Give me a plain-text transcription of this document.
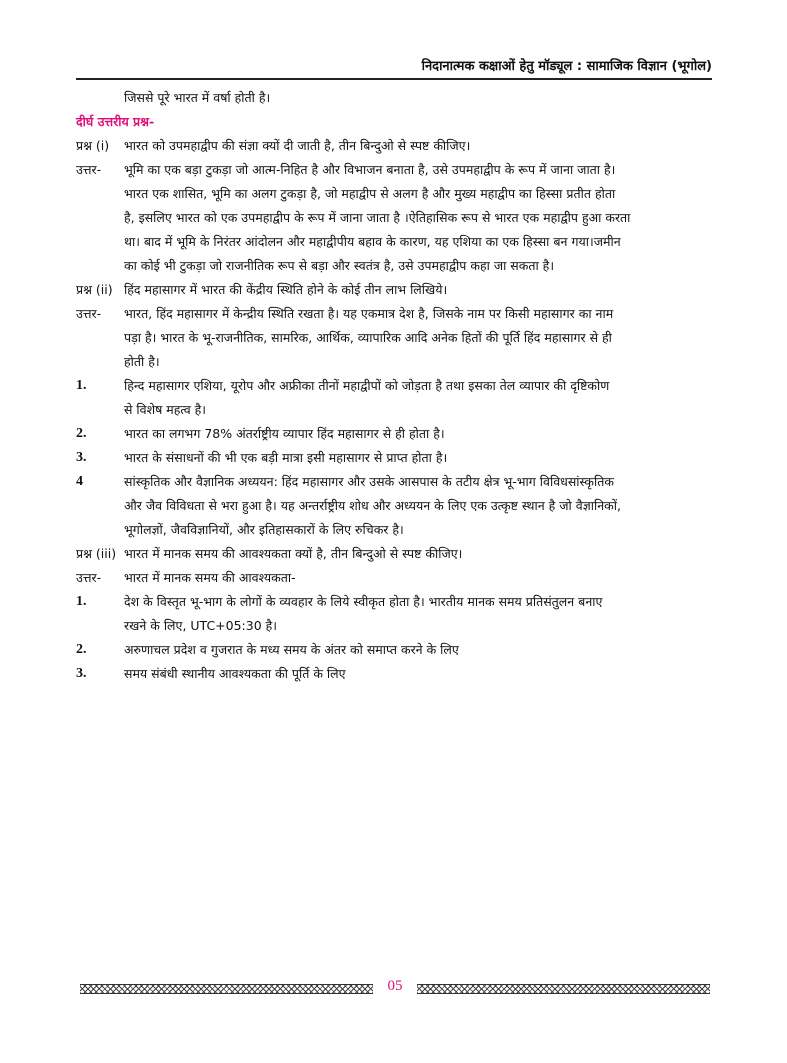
निदानात्मक कक्षाओं हेतु मॉड्यूल : सामाजिक विज्ञान (भूगोल)
जिससे पूरे भारत में वर्षा होती है।
दीर्घ उत्तरीय प्रश्न-
प्रश्न (i)	भारत को उपमहाद्वीप की संज्ञा क्यों दी जाती है, तीन बिन्दुओ से स्पष्ट कीजिए।
उत्तर-	भूमि का एक बड़ा टुकड़ा जो आत्म-निहित है और विभाजन बनाता है, उसे उपमहाद्वीप के रूप में जाना जाता है।
भारत एक शासित, भूमि का अलग टुकड़ा है, जो महाद्वीप से अलग है और मुख्य महाद्वीप का हिस्सा प्रतीत होता
है, इसलिए भारत को एक उपमहाद्वीप के रूप में जाना जाता है ।ऐतिहासिक रूप से भारत एक महाद्वीप हुआ करता
था। बाद में भूमि के निरंतर आंदोलन और महाद्वीपीय बहाव के कारण, यह एशिया का एक हिस्सा बन गया।जमीन
का कोई भी टुकड़ा जो राजनीतिक रूप से बड़ा और स्वतंत्र है, उसे उपमहाद्वीप कहा जा सकता है।
प्रश्न (ii) हिंद महासागर में भारत की केंद्रीय स्थिति होने के कोई तीन लाभ लिखिये।
उत्तर-	भारत, हिंद महासागर में केन्द्रीय स्थिति रखता है। यह एकमात्र देश है, जिसके नाम पर किसी महासागर का नाम
पड़ा है। भारत के भू-राजनीतिक, सामरिक, आर्थिक, व्यापारिक आदि अनेक हितों की पूर्ति हिंद महासागर से ही
होती है।
1.	हिन्द महासागर एशिया, यूरोप और अफ्रीका तीनों महाद्वीपों को जोड़ता है तथा इसका तेल व्यापार की दृष्टिकोण
से विशेष महत्व है।
2.	भारत का लगभग 78% अंतर्राष्ट्रीय व्यापार हिंद महासागर से ही होता है।
3.	भारत के संसाधनों की भी एक बड़ी मात्रा इसी महासागर से प्राप्त होता है।
4	सांस्कृतिक और वैज्ञानिक अध्ययन: हिंद महासागर और उसके आसपास के तटीय क्षेत्र भू-भाग विविधसांस्कृतिक
और जैव विविधता से भरा हुआ है। यह अन्तर्राष्ट्रीय शोध और अध्ययन के लिए एक उत्कृष्ट स्थान है जो वैज्ञानिकों,
भूगोलज्ञों, जैवविज्ञानियों, और इतिहासकारों के लिए रुचिकर है।
प्रश्न (iii) भारत में मानक समय की आवश्यकता क्यों है, तीन बिन्दुओ से स्पष्ट कीजिए।
उत्तर-	भारत में मानक समय की आवश्यकता-
1.	देश के विस्तृत भू-भाग के लोगों के व्यवहार के लिये स्वीकृत होता है। भारतीय मानक समय प्रतिसंतुलन बनाए
रखने के लिए, UTC+05:30 है।
2.	अरुणाचल प्रदेश व गुजरात के मध्य समय के अंतर को समाप्त करने के लिए
3.	समय संबंधी स्थानीय आवश्यकता की पूर्ति के लिए
05
